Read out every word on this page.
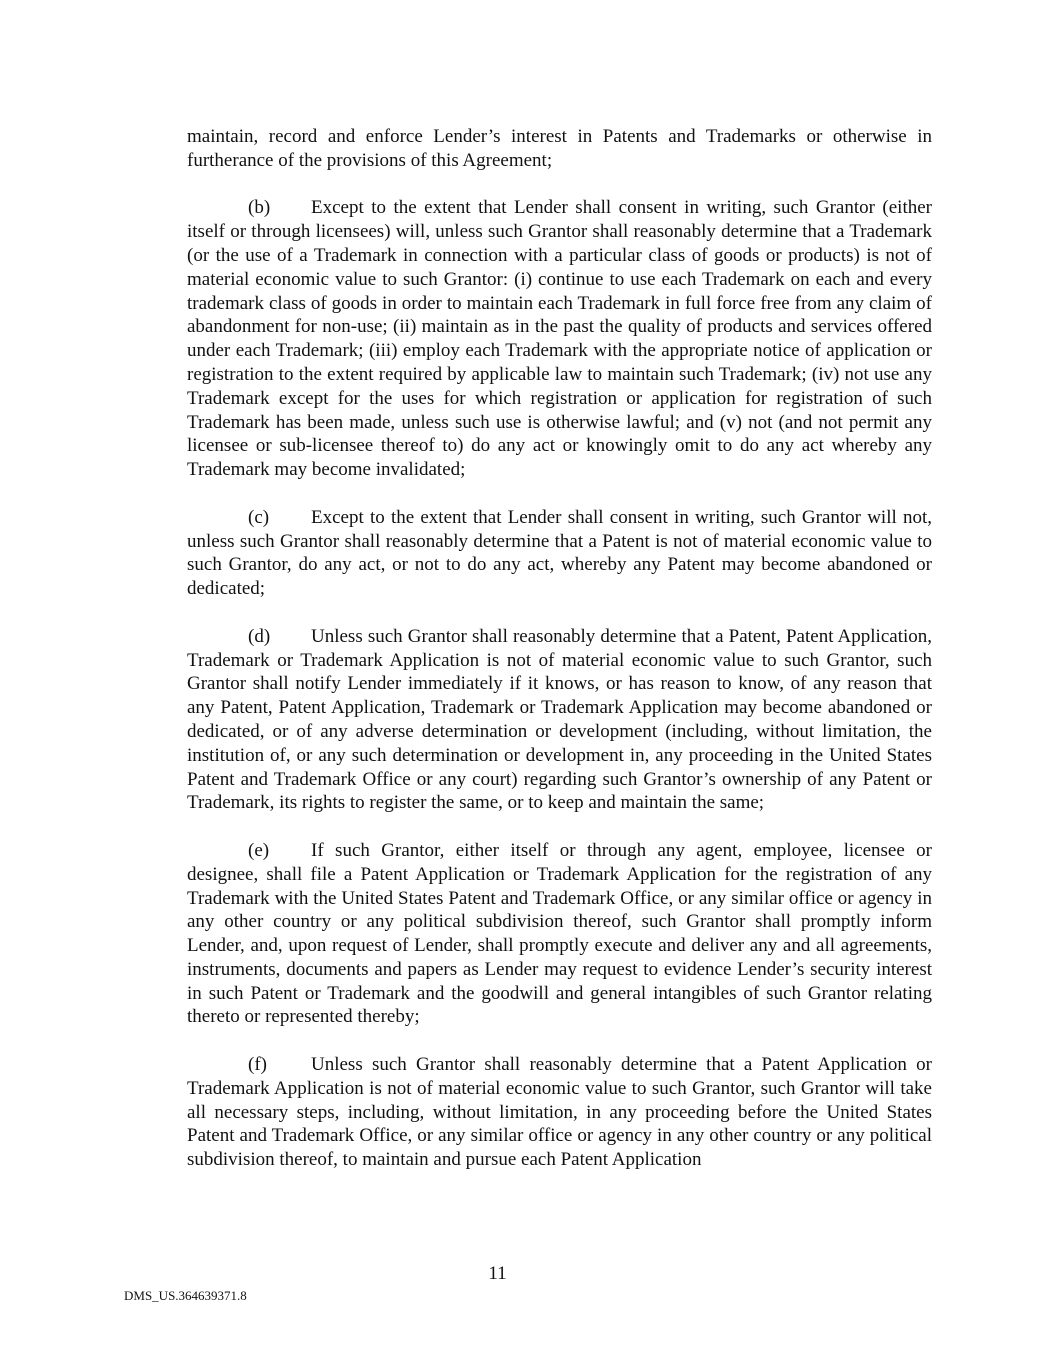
maintain, record and enforce Lender’s interest in Patents and Trademarks or otherwise in furtherance of the provisions of this Agreement;

(b) Except to the extent that Lender shall consent in writing, such Grantor (either itself or through licensees) will, unless such Grantor shall reasonably determine that a Trademark (or the use of a Trademark in connection with a particular class of goods or products) is not of material economic value to such Grantor: (i) continue to use each Trademark on each and every trademark class of goods in order to maintain each Trademark in full force free from any claim of abandonment for non-use; (ii) maintain as in the past the quality of products and services offered under each Trademark; (iii) employ each Trademark with the appropriate notice of application or registration to the extent required by applicable law to maintain such Trademark; (iv) not use any Trademark except for the uses for which registration or application for registration of such Trademark has been made, unless such use is otherwise lawful; and (v) not (and not permit any licensee or sub-licensee thereof to) do any act or knowingly omit to do any act whereby any Trademark may become invalidated;

(c) Except to the extent that Lender shall consent in writing, such Grantor will not, unless such Grantor shall reasonably determine that a Patent is not of material economic value to such Grantor, do any act, or not to do any act, whereby any Patent may become abandoned or dedicated;

(d) Unless such Grantor shall reasonably determine that a Patent, Patent Application, Trademark or Trademark Application is not of material economic value to such Grantor, such Grantor shall notify Lender immediately if it knows, or has reason to know, of any reason that any Patent, Patent Application, Trademark or Trademark Application may become abandoned or dedicated, or of any adverse determination or development (including, without limitation, the institution of, or any such determination or development in, any proceeding in the United States Patent and Trademark Office or any court) regarding such Grantor’s ownership of any Patent or Trademark, its rights to register the same, or to keep and maintain the same;

(e) If such Grantor, either itself or through any agent, employee, licensee or designee, shall file a Patent Application or Trademark Application for the registration of any Trademark with the United States Patent and Trademark Office, or any similar office or agency in any other country or any political subdivision thereof, such Grantor shall promptly inform Lender, and, upon request of Lender, shall promptly execute and deliver any and all agreements, instruments, documents and papers as Lender may request to evidence Lender’s security interest in such Patent or Trademark and the goodwill and general intangibles of such Grantor relating thereto or represented thereby;

(f) Unless such Grantor shall reasonably determine that a Patent Application or Trademark Application is not of material economic value to such Grantor, such Grantor will take all necessary steps, including, without limitation, in any proceeding before the United States Patent and Trademark Office, or any similar office or agency in any other country or any political subdivision thereof, to maintain and pursue each Patent Application

11
DMS_US.364639371.8
